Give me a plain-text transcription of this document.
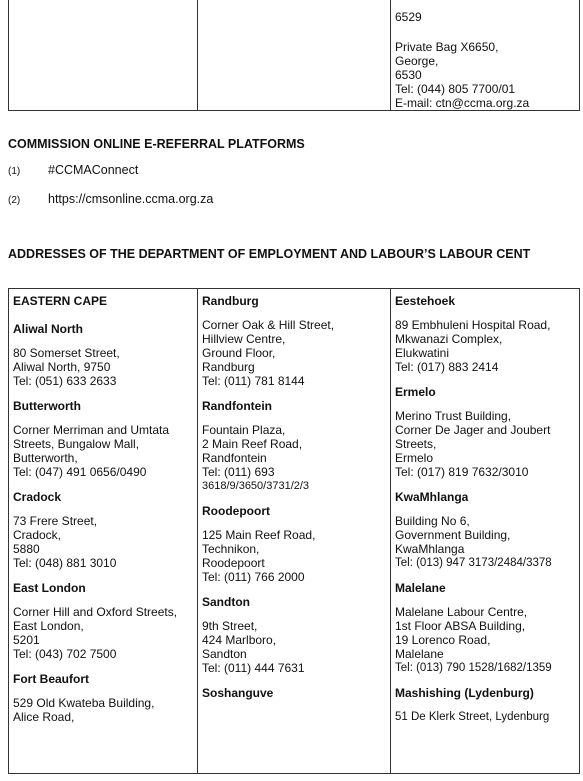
6529
Private Bag X6650,
George,
6530
Tel: (044) 805 7700/01
E-mail: ctn@ccma.org.za
COMMISSION ONLINE E-REFERRAL PLATFORMS
(1) #CCMAConnect
(2) https://cmsonline.ccma.org.za
ADDRESSES OF THE DEPARTMENT OF EMPLOYMENT AND LABOUR’S LABOUR CENT
EASTERN CAPE
Aliwal North
80 Somerset Street,
Aliwal North, 9750
Tel: (051) 633 2633
Butterworth
Corner Merriman and Umtata
Streets, Bungalow Mall,
Butterworth,
Tel: (047) 491 0656/0490
Cradock
73 Frere Street,
Cradock,
5880
Tel: (048) 881 3010
East London
Corner Hill and Oxford Streets,
East London,
5201
Tel: (043) 702 7500
Fort Beaufort
529 Old Kwateba Building,
Alice Road,
Randburg
Corner Oak & Hill Street,
Hillview Centre,
Ground Floor,
Randburg
Tel: (011) 781 8144
Randfontein
Fountain Plaza,
2 Main Reef Road,
Randfontein
Tel: (011) 693
3618/9/3650/3731/2/3
Roodepoort
125 Main Reef Road,
Technikon,
Roodepoort
Tel: (011) 766 2000
Sandton
9th Street,
424 Marlboro,
Sandton
Tel: (011) 444 7631
Soshanguve
Eestehoek
89 Embhuleni Hospital Road,
Mkwanazi Complex,
Elukwatini
Tel: (017) 883 2414
Ermelo
Merino Trust Building,
Corner De Jager and Joubert
Streets,
Ermelo
Tel: (017) 819 7632/3010
KwaMhlanga
Building No 6,
Government Building,
KwaMhlanga
Tel: (013) 947 3173/2484/3378
Malelane
Malelane Labour Centre,
1st Floor ABSA Building,
19 Lorenco Road,
Malelane
Tel: (013) 790 1528/1682/1359
Mashishing (Lydenburg)
51 De Klerk Street, Lydenburg
